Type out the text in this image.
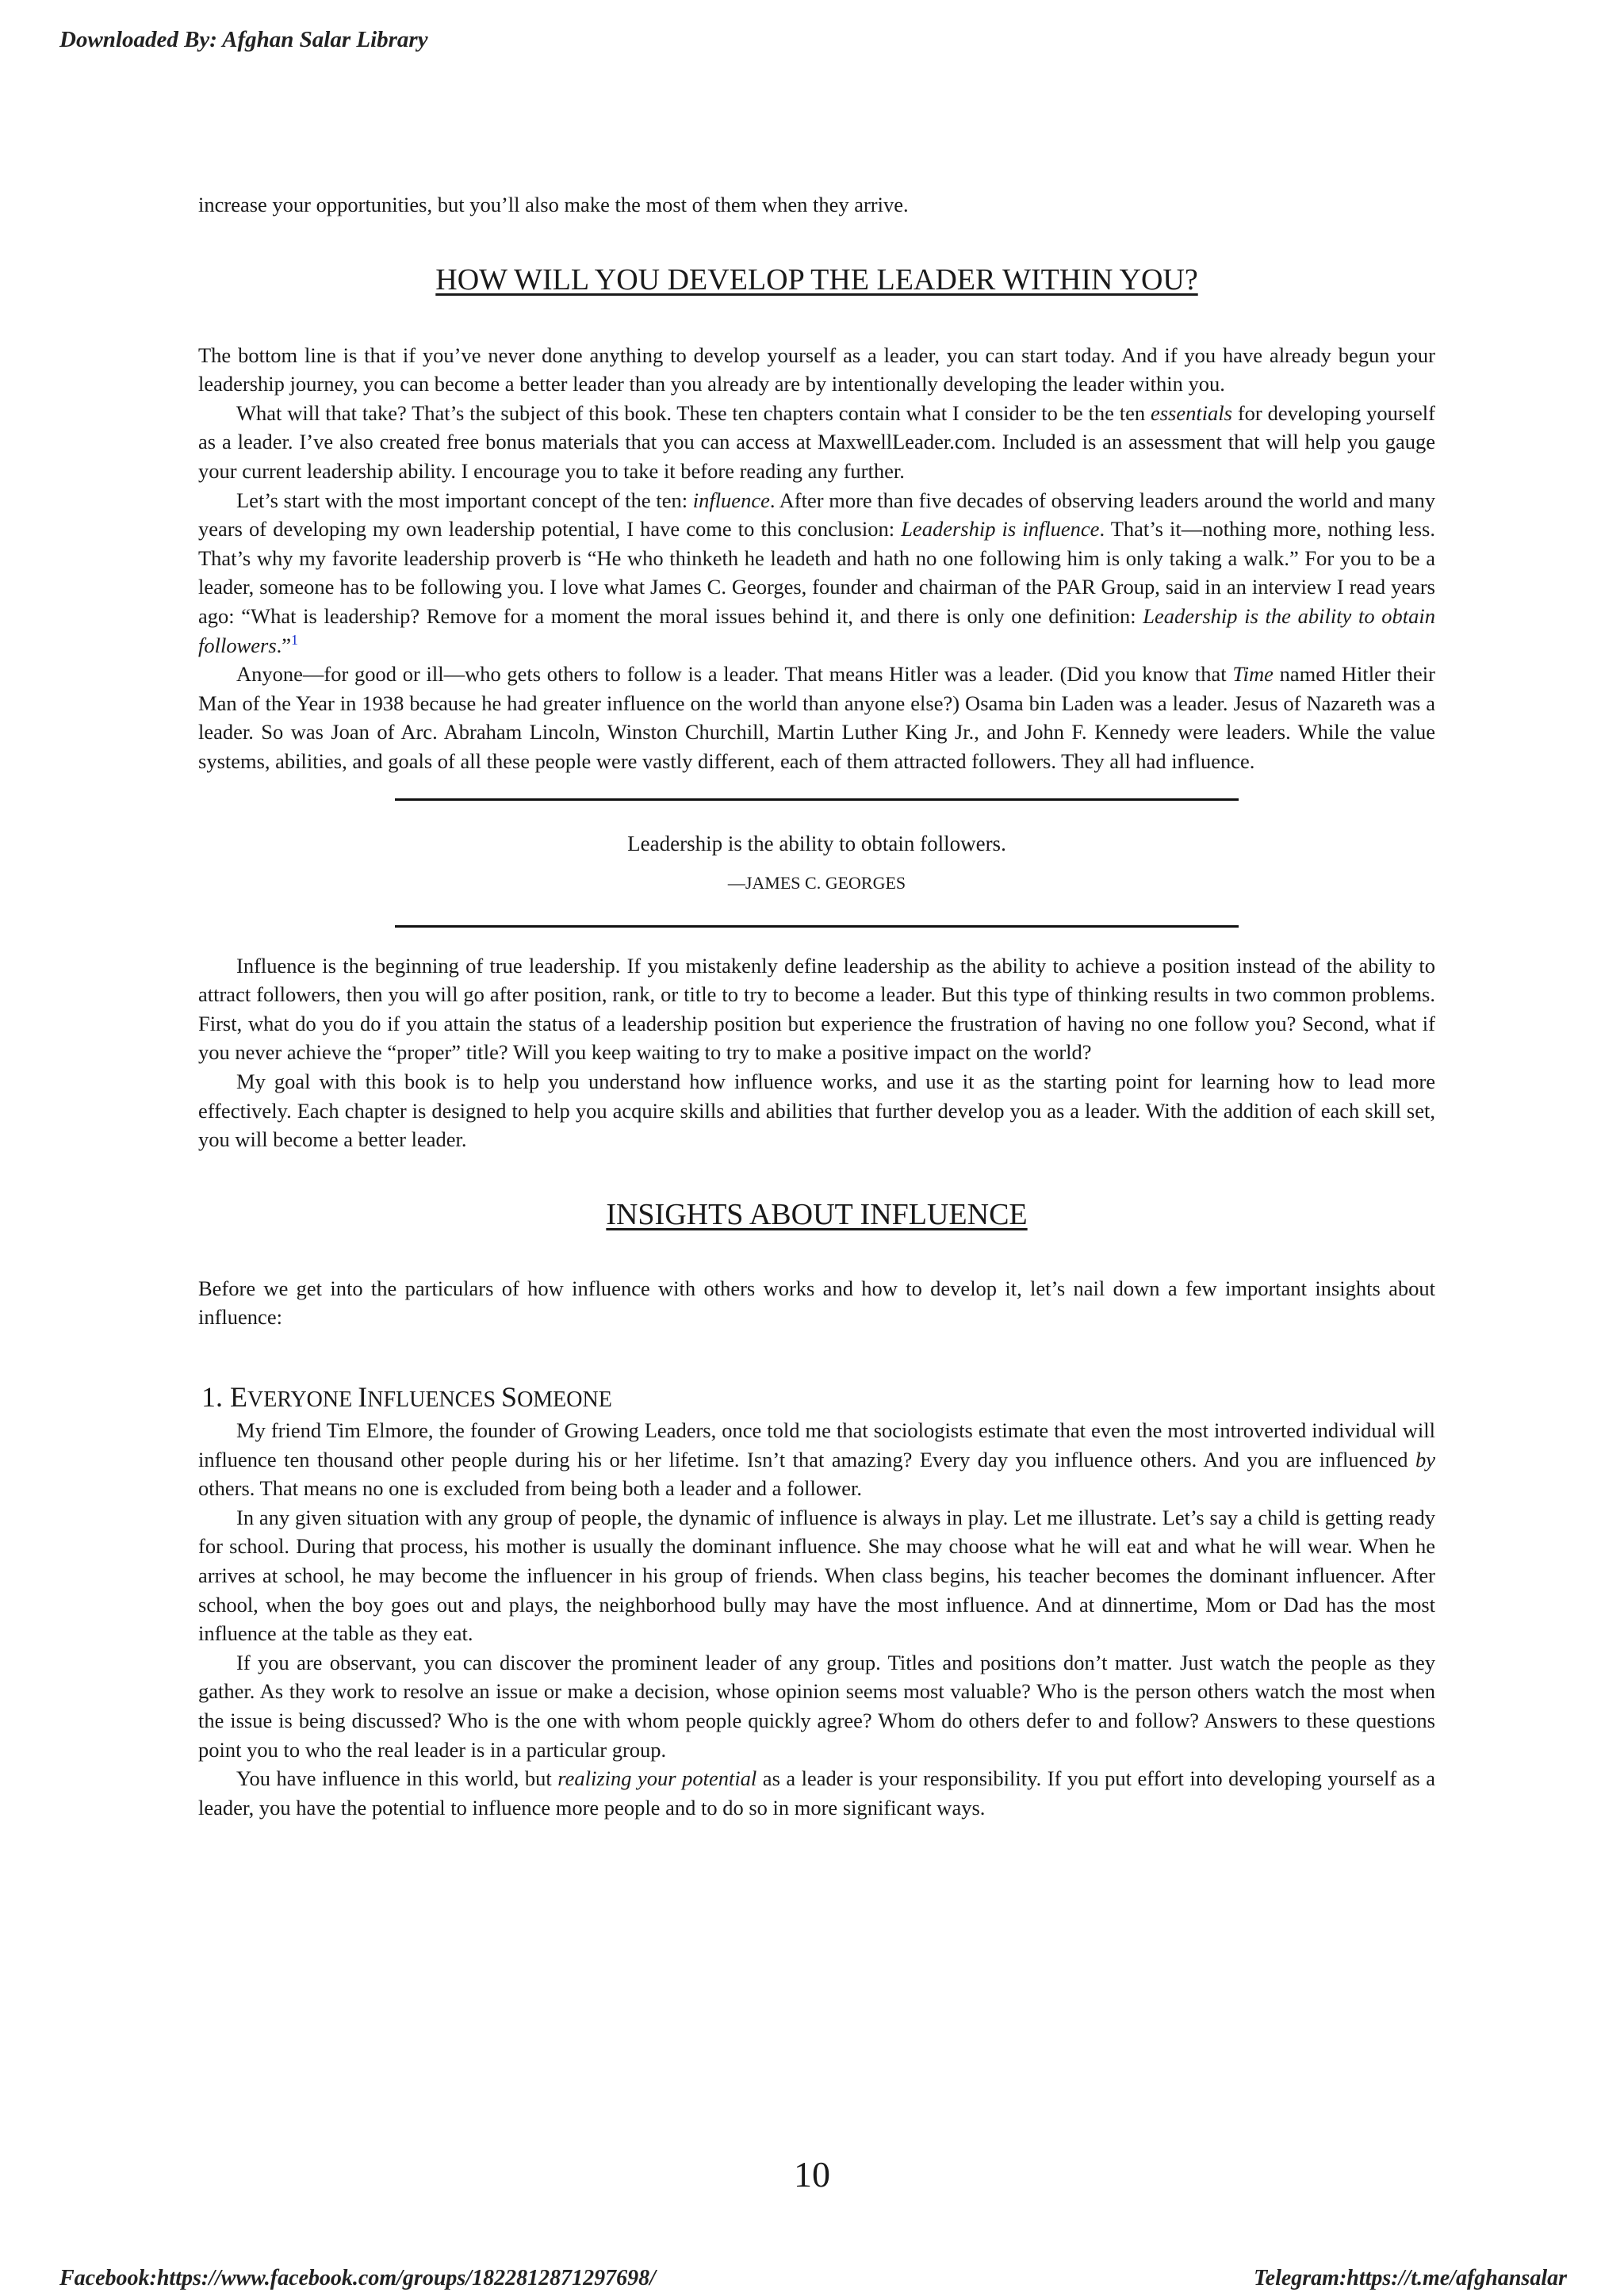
Downloaded By: Afghan Salar Library

increase your opportunities, but you’ll also make the most of them when they arrive.

HOW WILL YOU DEVELOP THE LEADER WITHIN YOU?

The bottom line is that if you’ve never done anything to develop yourself as a leader, you can start today. And if you have already begun your leadership journey, you can become a better leader than you already are by intentionally developing the leader within you.

What will that take? That’s the subject of this book. These ten chapters contain what I consider to be the ten essentials for developing yourself as a leader. I’ve also created free bonus materials that you can access at MaxwellLeader.com. Included is an assessment that will help you gauge your current leadership ability. I encourage you to take it before reading any further.

Let’s start with the most important concept of the ten: influence. After more than five decades of observing leaders around the world and many years of developing my own leadership potential, I have come to this conclusion: Leadership is influence. That’s it—nothing more, nothing less. That’s why my favorite leadership proverb is “He who thinketh he leadeth and hath no one following him is only taking a walk.” For you to be a leader, someone has to be following you. I love what James C. Georges, founder and chairman of the PAR Group, said in an interview I read years ago: “What is leadership? Remove for a moment the moral issues behind it, and there is only one definition: Leadership is the ability to obtain followers.”$^1$

Anyone—for good or ill—who gets others to follow is a leader. That means Hitler was a leader. (Did you know that Time named Hitler their Man of the Year in 1938 because he had greater influence on the world than anyone else?) Osama bin Laden was a leader. Jesus of Nazareth was a leader. So was Joan of Arc. Abraham Lincoln, Winston Churchill, Martin Luther King Jr., and John F. Kennedy were leaders. While the value systems, abilities, and goals of all these people were vastly different, each of them attracted followers. They all had influence.

Leadership is the ability to obtain followers.

—JAMES C. GEORGES

Influence is the beginning of true leadership. If you mistakenly define leadership as the ability to achieve a position instead of the ability to attract followers, then you will go after position, rank, or title to try to become a leader. But this type of thinking results in two common problems. First, what do you do if you attain the status of a leadership position but experience the frustration of having no one follow you? Second, what if you never achieve the “proper” title? Will you keep waiting to try to make a positive impact on the world?

My goal with this book is to help you understand how influence works, and use it as the starting point for learning how to lead more effectively. Each chapter is designed to help you acquire skills and abilities that further develop you as a leader. With the addition of each skill set, you will become a better leader.

INSIGHTS ABOUT INFLUENCE

Before we get into the particulars of how influence with others works and how to develop it, let’s nail down a few important insights about influence:

1. EVERYONE INFLUENCES SOMEONE

My friend Tim Elmore, the founder of Growing Leaders, once told me that sociologists estimate that even the most introverted individual will influence ten thousand other people during his or her lifetime. Isn’t that amazing? Every day you influence others. And you are influenced by others. That means no one is excluded from being both a leader and a follower.

In any given situation with any group of people, the dynamic of influence is always in play. Let me illustrate. Let’s say a child is getting ready for school. During that process, his mother is usually the dominant influence. She may choose what he will eat and what he will wear. When he arrives at school, he may become the influencer in his group of friends. When class begins, his teacher becomes the dominant influencer. After school, when the boy goes out and plays, the neighborhood bully may have the most influence. And at dinnertime, Mom or Dad has the most influence at the table as they eat.

If you are observant, you can discover the prominent leader of any group. Titles and positions don’t matter. Just watch the people as they gather. As they work to resolve an issue or make a decision, whose opinion seems most valuable? Who is the person others watch the most when the issue is being discussed? Who is the one with whom people quickly agree? Whom do others defer to and follow? Answers to these questions point you to who the real leader is in a particular group.

You have influence in this world, but realizing your potential as a leader is your responsibility. If you put effort into developing yourself as a leader, you have the potential to influence more people and to do so in more significant ways.

10
Facebook:https://www.facebook.com/groups/1822812871297698/	Telegram:https://t.me/afghansalar
